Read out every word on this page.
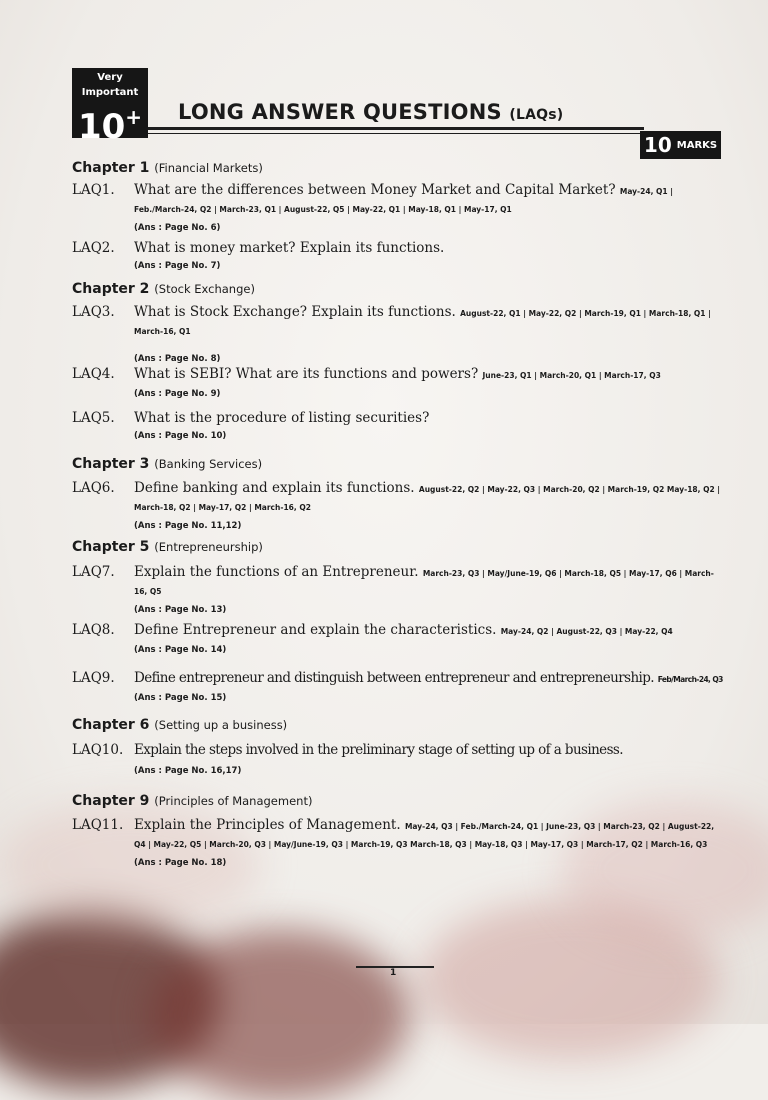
Very
Important
10+ LONG ANSWER QUESTIONS (LAQs)
10 MARKS
Chapter 1 (Financial Markets)
LAQ1. What are the differences between Money Market and Capital Market? May-24, Q1 | Feb./March-24, Q2 | March-23, Q1 | August-22, Q5 | May-22, Q1 | May-18, Q1 | May-17, Q1
(Ans : Page No. 6)
LAQ2. What is money market? Explain its functions.
(Ans : Page No. 7)
Chapter 2 (Stock Exchange)
LAQ3. What is Stock Exchange? Explain its functions. August-22, Q1 | May-22, Q2 | March-19, Q1 | March-18, Q1 | March-16, Q1
(Ans : Page No. 8)
LAQ4. What is SEBI? What are its functions and powers? June-23, Q1 | March-20, Q1 | March-17, Q3
(Ans : Page No. 9)
LAQ5. What is the procedure of listing securities?
(Ans : Page No. 10)
Chapter 3 (Banking Services)
LAQ6. Define banking and explain its functions. August-22, Q2 | May-22, Q3 | March-20, Q2 | March-19, Q2 May-18, Q2 | March-18, Q2 | May-17, Q2 | March-16, Q2
(Ans : Page No. 11,12)
Chapter 5 (Entrepreneurship)
LAQ7. Explain the functions of an Entrepreneur. March-23, Q3 | May/June-19, Q6 | March-18, Q5 | May-17, Q6 | March-16, Q5
(Ans : Page No. 13)
LAQ8. Define Entrepreneur and explain the characteristics. May-24, Q2 | August-22, Q3 | May-22, Q4
(Ans : Page No. 14)
LAQ9. Define entrepreneur and distinguish between entrepreneur and entrepreneurship. Feb/March-24, Q3
(Ans : Page No. 15)
Chapter 6 (Setting up a business)
LAQ10. Explain the steps involved in the preliminary stage of setting up of a business.
(Ans : Page No. 16,17)
Chapter 9 (Principles of Management)
LAQ11. Explain the Principles of Management. May-24, Q3 | Feb./March-24, Q1 | June-23, Q3 | March-23, Q2 | August-22, Q4 | May-22, Q5 | March-20, Q3 | May/June-19, Q3 | March-19, Q3 March-18, Q3 | May-18, Q3 | May-17, Q3 | March-17, Q2 | March-16, Q3
(Ans : Page No. 18)
1
